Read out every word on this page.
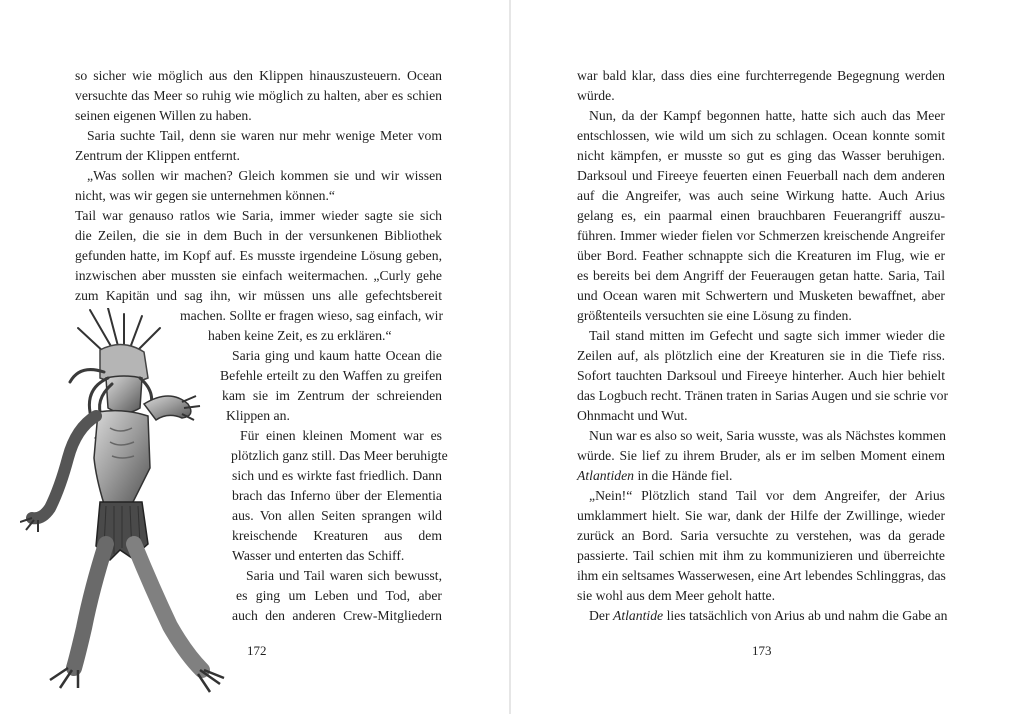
so sicher wie möglich aus den Klippen hinauszusteuern. Ocean
versuchte das Meer so ruhig wie möglich zu halten, aber es schien
seinen eigenen Willen zu haben.
Saria suchte Tail, denn sie waren nur mehr wenige Meter vom
Zentrum der Klippen entfernt.
„Was sollen wir machen? Gleich kommen sie und wir wissen
nicht, was wir gegen sie unternehmen können.“
Tail war genauso ratlos wie Saria, immer wieder sagte sie sich
die Zeilen, die sie in dem Buch in der versunkenen Bibliothek
gefunden hatte, im Kopf auf. Es musste irgendeine Lösung geben,
inzwischen aber mussten sie einfach weitermachen. „Curly gehe
zum Kapitän und sag ihn, wir müssen uns alle gefechtsbereit
machen. Sollte er fragen wieso, sag einfach, wir
haben keine Zeit, es zu erklären.“
Saria ging und kaum hatte Ocean die
Befehle erteilt zu den Waffen zu greifen
kam sie im Zentrum der schreienden
Klippen an.
Für einen kleinen Moment war es
plötzlich ganz still. Das Meer beruhigte
sich und es wirkte fast friedlich. Dann
brach das Inferno über der Elementia
aus. Von allen Seiten sprangen wild
kreischende Kreaturen aus dem
Wasser und enterten das Schiff.
Saria und Tail waren sich bewusst,
es ging um Leben und Tod, aber
auch den anderen Crew-Mitgliedern
172
war bald klar, dass dies eine furchterregende Begegnung werden
würde.
Nun, da der Kampf begonnen hatte, hatte sich auch das Meer
entschlossen, wie wild um sich zu schlagen. Ocean konnte somit
nicht kämpfen, er musste so gut es ging das Wasser beruhigen.
Darksoul und Fireeye feuerten einen Feuerball nach dem anderen
auf die Angreifer, was auch seine Wirkung hatte. Auch Arius
gelang es, ein paarmal einen brauchbaren Feuerangriff auszu-
führen. Immer wieder fielen vor Schmerzen kreischende Angreifer
über Bord. Feather schnappte sich die Kreaturen im Flug, wie er
es bereits bei dem Angriff der Feueraugen getan hatte. Saria, Tail
und Ocean waren mit Schwertern und Musketen bewaffnet, aber
größtenteils versuchten sie eine Lösung zu finden.
Tail stand mitten im Gefecht und sagte sich immer wieder die
Zeilen auf, als plötzlich eine der Kreaturen sie in die Tiefe riss.
Sofort tauchten Darksoul und Fireeye hinterher. Auch hier behielt
das Logbuch recht. Tränen traten in Sarias Augen und sie schrie vor
Ohnmacht und Wut.
Nun war es also so weit, Saria wusste, was als Nächstes kommen
würde. Sie lief zu ihrem Bruder, als er im selben Moment einem
Atlantiden in die Hände fiel.
„Nein!“ Plötzlich stand Tail vor dem Angreifer, der Arius
umklammert hielt. Sie war, dank der Hilfe der Zwillinge, wieder
zurück an Bord. Saria versuchte zu verstehen, was da gerade
passierte. Tail schien mit ihm zu kommunizieren und überreichte
ihm ein seltsames Wasserwesen, eine Art lebendes Schlinggras, das
sie wohl aus dem Meer geholt hatte.
Der Atlantide lies tatsächlich von Arius ab und nahm die Gabe an
173
